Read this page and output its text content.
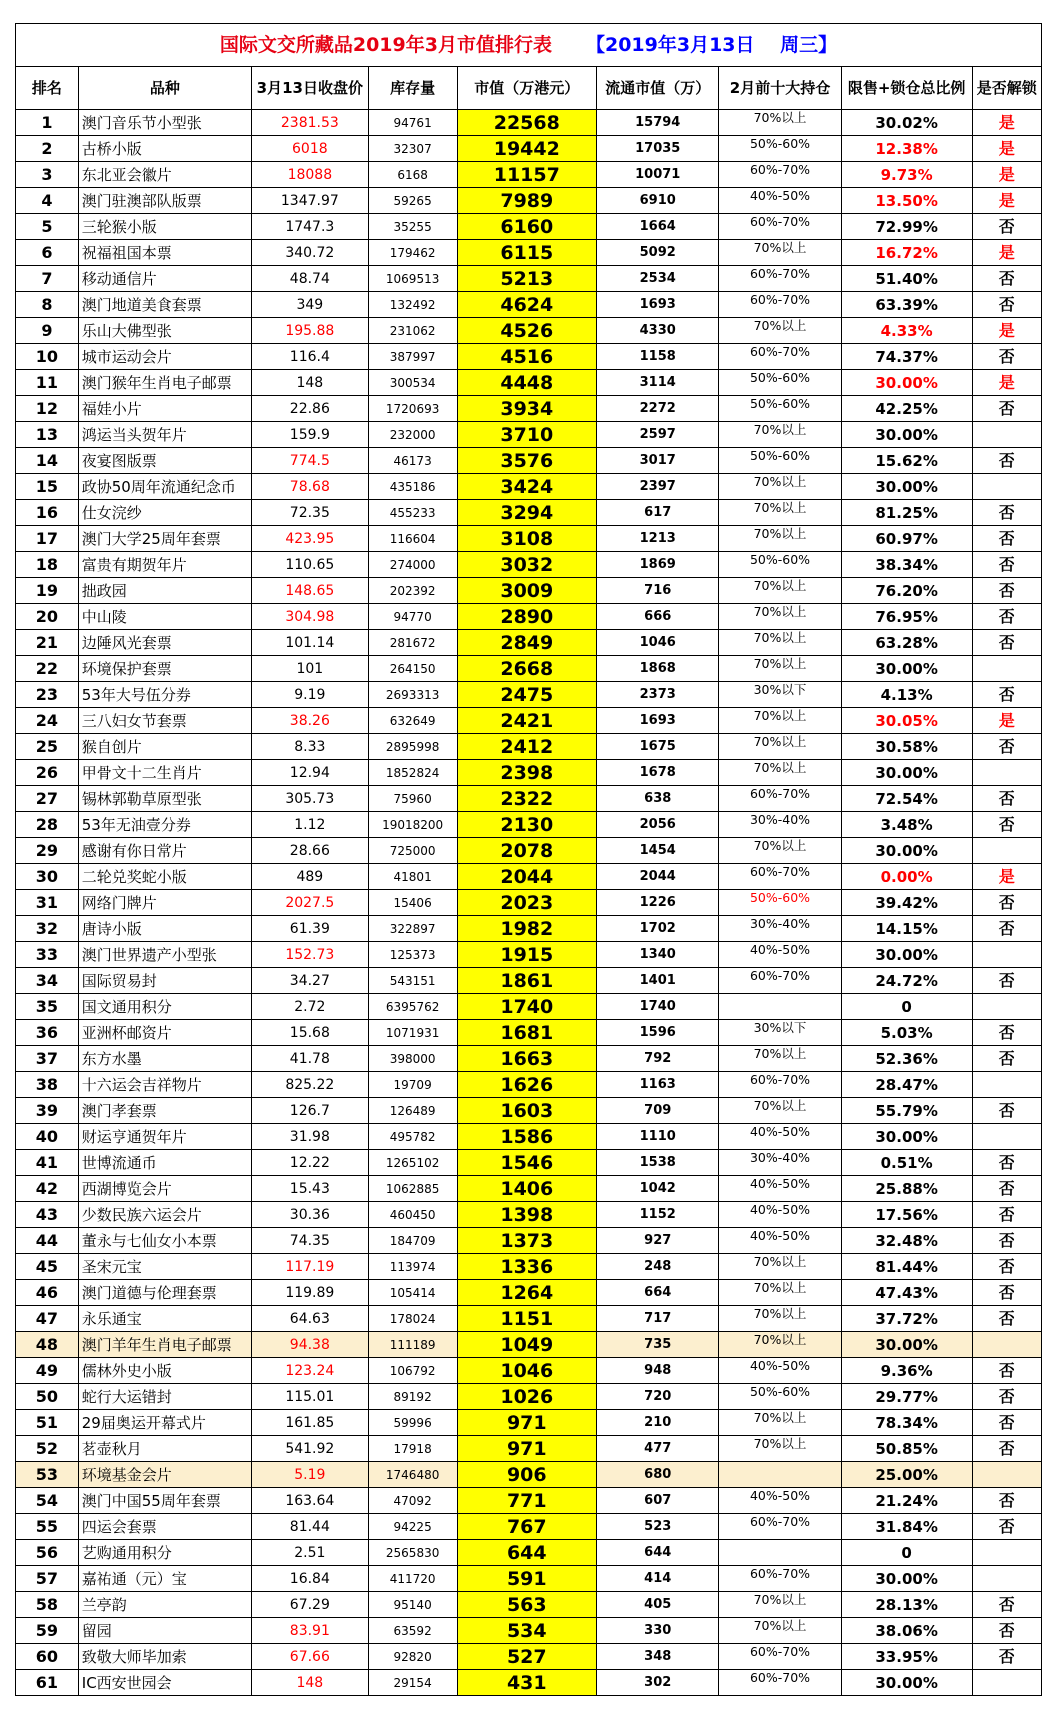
国际文交所藏品2019年3月市值排行表 【2019年3月13日　 周三】								
排名	品种	3月13日收盘价	库存量	市值（万港元）	流通市值（万）	2月前十大持仓	限售+锁仓总比例	是否解锁
1	澳门音乐节小型张	2381.53	94761	22568	15794	70%以上	30.02%	是
2	古桥小版	6018	32307	19442	17035	50%-60%	12.38%	是
3	东北亚会徽片	18088	6168	11157	10071	60%-70%	9.73%	是
4	澳门驻澳部队版票	1347.97	59265	7989	6910	40%-50%	13.50%	是
5	三轮猴小版	1747.3	35255	6160	1664	60%-70%	72.99%	否
6	祝福祖国本票	340.72	179462	6115	5092	70%以上	16.72%	是
7	移动通信片	48.74	1069513	5213	2534	60%-70%	51.40%	否
8	澳门地道美食套票	349	132492	4624	1693	60%-70%	63.39%	否
9	乐山大佛型张	195.88	231062	4526	4330	70%以上	4.33%	是
10	城市运动会片	116.4	387997	4516	1158	60%-70%	74.37%	否
11	澳门猴年生肖电子邮票	148	300534	4448	3114	50%-60%	30.00%	是
12	福娃小片	22.86	1720693	3934	2272	50%-60%	42.25%	否
13	鸿运当头贺年片	159.9	232000	3710	2597	70%以上	30.00%	
14	夜宴图版票	774.5	46173	3576	3017	50%-60%	15.62%	否
15	政协50周年流通纪念币	78.68	435186	3424	2397	70%以上	30.00%	
16	仕女浣纱	72.35	455233	3294	617	70%以上	81.25%	否
17	澳门大学25周年套票	423.95	116604	3108	1213	70%以上	60.97%	否
18	富贵有期贺年片	110.65	274000	3032	1869	50%-60%	38.34%	否
19	拙政园	148.65	202392	3009	716	70%以上	76.20%	否
20	中山陵	304.98	94770	2890	666	70%以上	76.95%	否
21	边陲风光套票	101.14	281672	2849	1046	70%以上	63.28%	否
22	环境保护套票	101	264150	2668	1868	70%以上	30.00%	
23	53年大号伍分券	9.19	2693313	2475	2373	30%以下	4.13%	否
24	三八妇女节套票	38.26	632649	2421	1693	70%以上	30.05%	是
25	猴自创片	8.33	2895998	2412	1675	70%以上	30.58%	否
26	甲骨文十二生肖片	12.94	1852824	2398	1678	70%以上	30.00%	
27	锡林郭勒草原型张	305.73	75960	2322	638	60%-70%	72.54%	否
28	53年无油壹分券	1.12	19018200	2130	2056	30%-40%	3.48%	否
29	感谢有你日常片	28.66	725000	2078	1454	70%以上	30.00%	
30	二轮兑奖蛇小版	489	41801	2044	2044	60%-70%	0.00%	是
31	网络门牌片	2027.5	15406	2023	1226	50%-60%	39.42%	否
32	唐诗小版	61.39	322897	1982	1702	30%-40%	14.15%	否
33	澳门世界遗产小型张	152.73	125373	1915	1340	40%-50%	30.00%	
34	国际贸易封	34.27	543151	1861	1401	60%-70%	24.72%	否
35	国文通用积分	2.72	6395762	1740	1740		0	
36	亚洲杯邮资片	15.68	1071931	1681	1596	30%以下	5.03%	否
37	东方水墨	41.78	398000	1663	792	70%以上	52.36%	否
38	十六运会吉祥物片	825.22	19709	1626	1163	60%-70%	28.47%	
39	澳门孝套票	126.7	126489	1603	709	70%以上	55.79%	否
40	财运亨通贺年片	31.98	495782	1586	1110	40%-50%	30.00%	
41	世博流通币	12.22	1265102	1546	1538	30%-40%	0.51%	否
42	西湖博览会片	15.43	1062885	1406	1042	40%-50%	25.88%	否
43	少数民族六运会片	30.36	460450	1398	1152	40%-50%	17.56%	否
44	董永与七仙女小本票	74.35	184709	1373	927	40%-50%	32.48%	否
45	圣宋元宝	117.19	113974	1336	248	70%以上	81.44%	否
46	澳门道德与伦理套票	119.89	105414	1264	664	70%以上	47.43%	否
47	永乐通宝	64.63	178024	1151	717	70%以上	37.72%	否
48	澳门羊年生肖电子邮票	94.38	111189	1049	735	70%以上	30.00%	
49	儒林外史小版	123.24	106792	1046	948	40%-50%	9.36%	否
50	蛇行大运错封	115.01	89192	1026	720	50%-60%	29.77%	否
51	29届奥运开幕式片	161.85	59996	971	210	70%以上	78.34%	否
52	茗壶秋月	541.92	17918	971	477	70%以上	50.85%	否
53	环境基金会片	5.19	1746480	906	680		25.00%	
54	澳门中国55周年套票	163.64	47092	771	607	40%-50%	21.24%	否
55	四运会套票	81.44	94225	767	523	60%-70%	31.84%	否
56	艺购通用积分	2.51	2565830	644	644		0	
57	嘉祐通（元）宝	16.84	411720	591	414	60%-70%	30.00%	
58	兰亭韵	67.29	95140	563	405	70%以上	28.13%	否
59	留园	83.91	63592	534	330	70%以上	38.06%	否
60	致敬大师毕加索	67.66	92820	527	348	60%-70%	33.95%	否
61	IC西安世园会	148	29154	431	302	60%-70%	30.00%	
